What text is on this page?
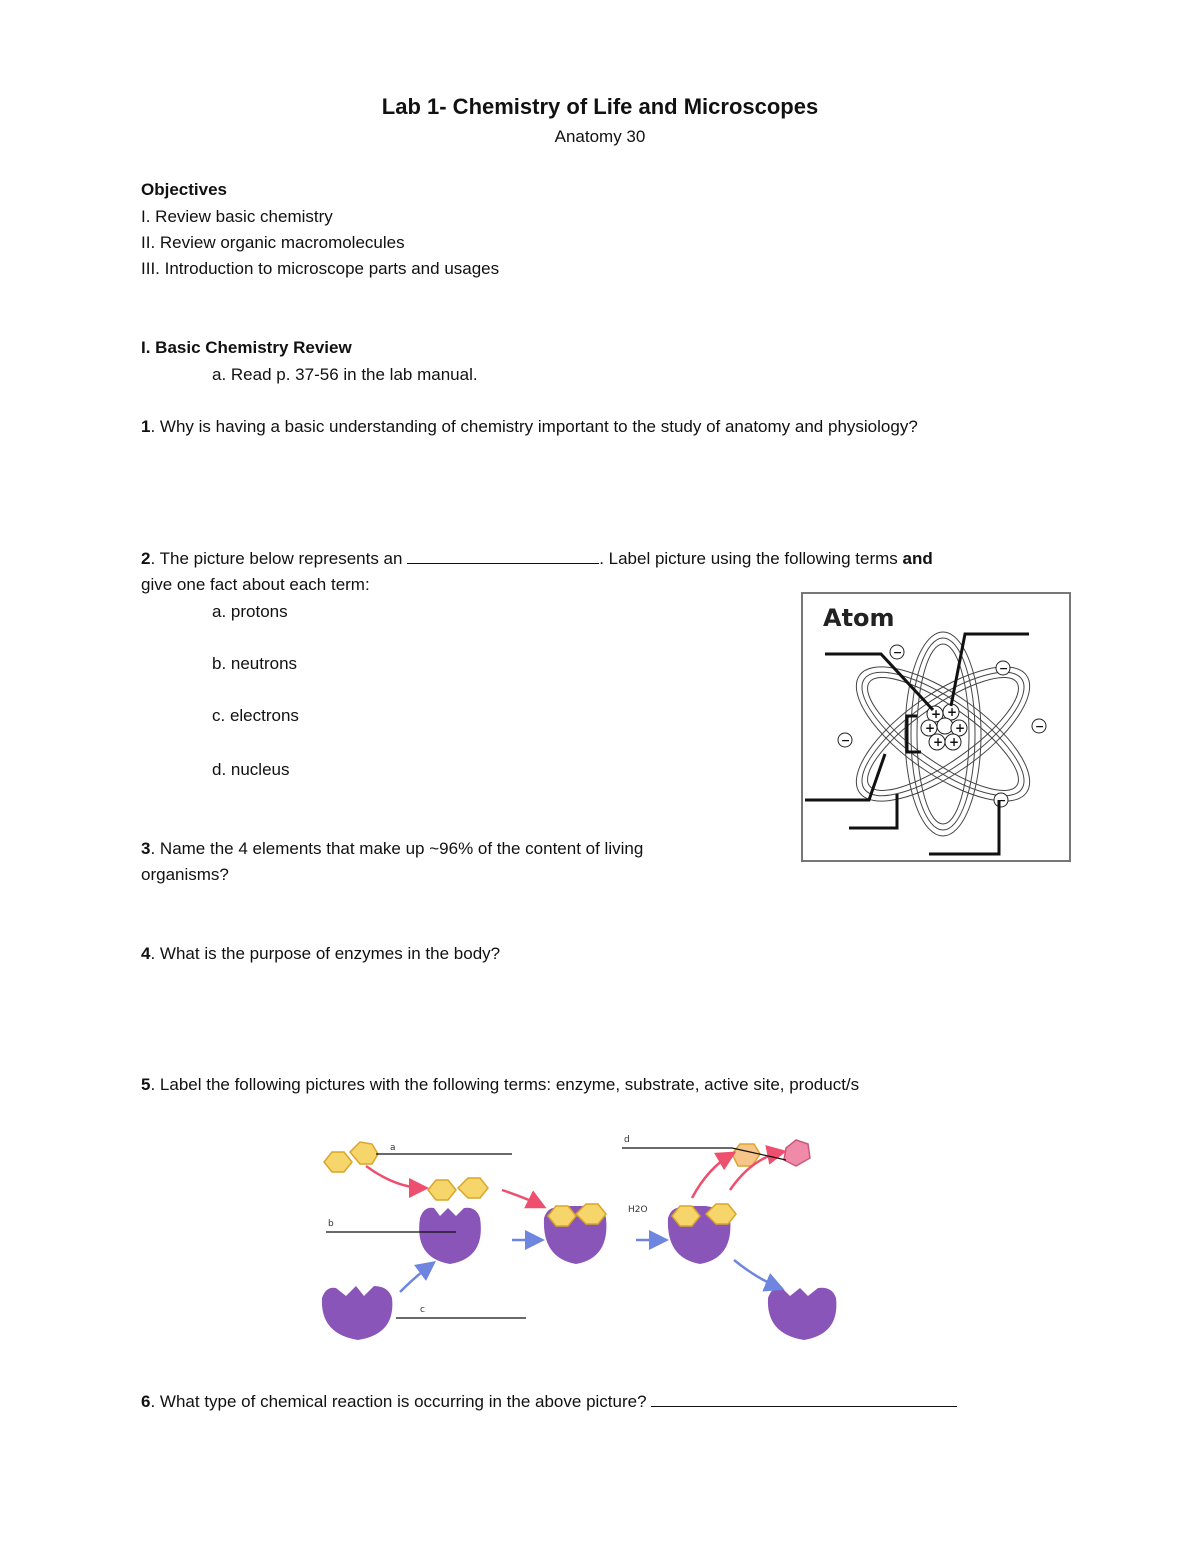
Lab 1- Chemistry of Life and Microscopes
Anatomy 30
Objectives
I. Review basic chemistry
II. Review organic macromolecules
III. Introduction to microscope parts and usages
I. Basic Chemistry Review
a. Read p. 37-56 in the lab manual.
1. Why is having a basic understanding of chemistry important to the study of anatomy and physiology?
2. The picture below represents an	. Label picture using the following terms and
give one fact about each term:
a. protons
b. neutrons
c. electrons
d. nucleus
Atom
+ +
+ +
+ +
−
−
−
−
−
3. Name the 4 elements that make up ~96% of the content of living
organisms?
4. What is the purpose of enzymes in the body?
5. Label the following pictures with the following terms: enzyme, substrate, active site, product/s
a
b
c
d
H2O
6. What type of chemical reaction is occurring in the above picture?
